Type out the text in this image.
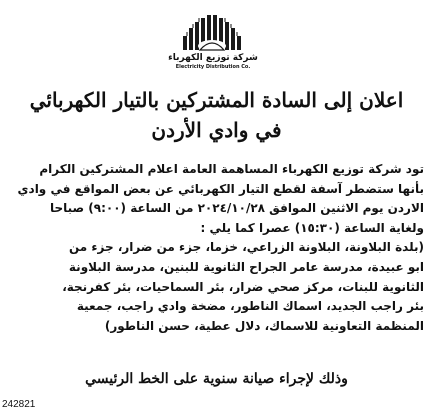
شركة توزيع الكهرباء
Electricity Distribution Co.
اعلان إلى السادة المشتركين بالتيار الكهربائي
في وادي الأردن

تود شركة توزيع الكهرباء المساهمة العامة اعلام المشتركين الكرام

بأنها ستضطر آسفة لقطع التيار الكهربائي عن بعض المواقع في وادي

الاردن يوم الاثنين الموافق ٢٠٢٤/١٠/٢٨ من الساعة (٩:٠٠) صباحا

ولغاية الساعة (١٥:٣٠) عصرا كما يلي :

(بلدة البلاونة، البلاونة الزراعي، خزما، جزء من ضرار، جزء من

ابو عبيدة، مدرسة عامر الجراح الثانوية للبنين، مدرسة البلاونة

الثانوية للبنات، مركز صحي ضرار، بئر السماحيات، بئر كفرنجة،

بئر راجب الجديد، اسماك الناطور، مضخة وادي راجب، جمعية

المنظمة التعاونية للاسماك، دلال عطية، حسن الناطور)

وذلك لإجراء صيانة سنوية على الخط الرئيسي
242821
